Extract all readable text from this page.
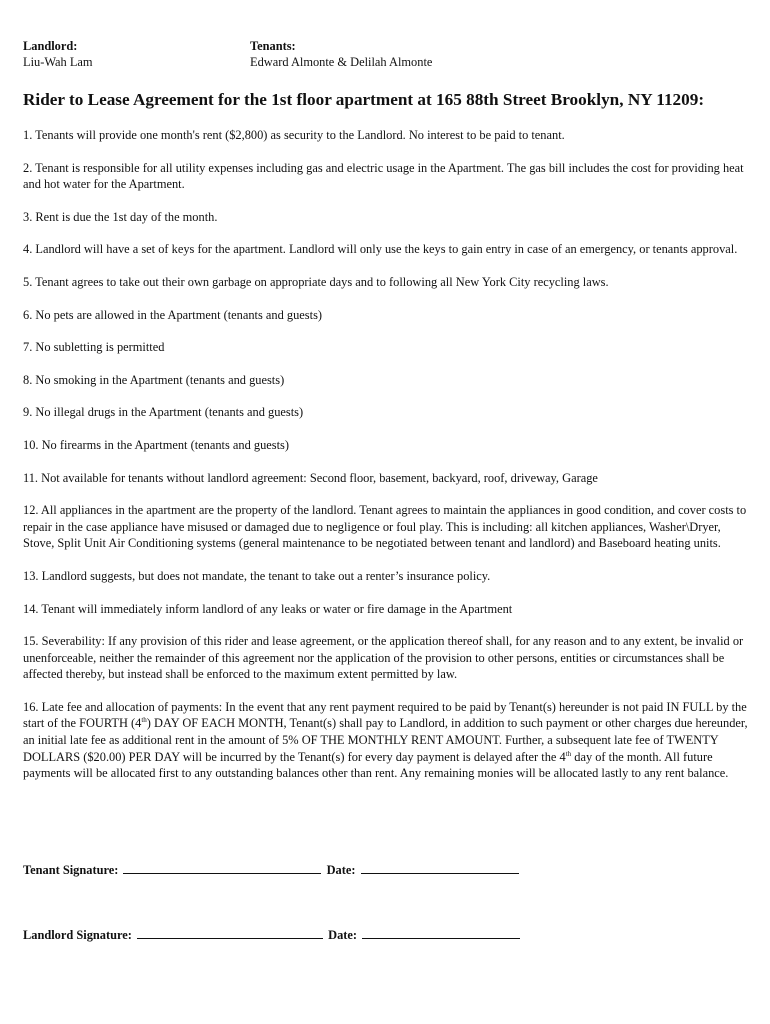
Landlord:
Liu-Wah Lam
Tenants:
Edward Almonte & Delilah Almonte
Rider to Lease Agreement for the 1st floor apartment at 165 88th Street Brooklyn, NY 11209:

1. Tenants will provide one month's rent ($2,800) as security to the Landlord. No interest to be paid to tenant.

2. Tenant is responsible for all utility expenses including gas and electric usage in the Apartment. The gas bill includes the cost for providing heat and hot water for the Apartment.

3. Rent is due the 1st day of the month.

4. Landlord will have a set of keys for the apartment. Landlord will only use the keys to gain entry in case of an emergency, or tenants approval.

5. Tenant agrees to take out their own garbage on appropriate days and to following all New York City recycling laws.

6. No pets are allowed in the Apartment (tenants and guests)

7. No subletting is permitted

8. No smoking in the Apartment (tenants and guests)

9. No illegal drugs in the Apartment (tenants and guests)

10. No firearms in the Apartment (tenants and guests)

11. Not available for tenants without landlord agreement: Second floor, basement, backyard, roof, driveway, Garage

12. All appliances in the apartment are the property of the landlord. Tenant agrees to maintain the appliances in good condition, and cover costs to repair in the case appliance have misused or damaged due to negligence or foul play. This is including: all kitchen appliances, Washer\Dryer, Stove, Split Unit Air Conditioning systems (general maintenance to be negotiated between tenant and landlord) and Baseboard heating units.

13. Landlord suggests, but does not mandate, the tenant to take out a renter’s insurance policy.

14. Tenant will immediately inform landlord of any leaks or water or fire damage in the Apartment

15. Severability: If any provision of this rider and lease agreement, or the application thereof shall, for any reason and to any extent, be invalid or unenforceable, neither the remainder of this agreement nor the application of the provision to other persons, entities or circumstances shall be affected thereby, but instead shall be enforced to the maximum extent permitted by law.

16. Late fee and allocation of payments: In the event that any rent payment required to be paid by Tenant(s) hereunder is not paid IN FULL by the start of the FOURTH (4th) DAY OF EACH MONTH, Tenant(s) shall pay to Landlord, in addition to such payment or other charges due hereunder, an initial late fee as additional rent in the amount of 5% OF THE MONTHLY RENT AMOUNT. Further, a subsequent late fee of TWENTY DOLLARS ($20.00) PER DAY will be incurred by the Tenant(s) for every day payment is delayed after the 4th day of the month. All future payments will be allocated first to any outstanding balances other than rent. Any remaining monies will be allocated lastly to any rent balance.

Tenant Signature:	Date:
Landlord Signature:	Date:
